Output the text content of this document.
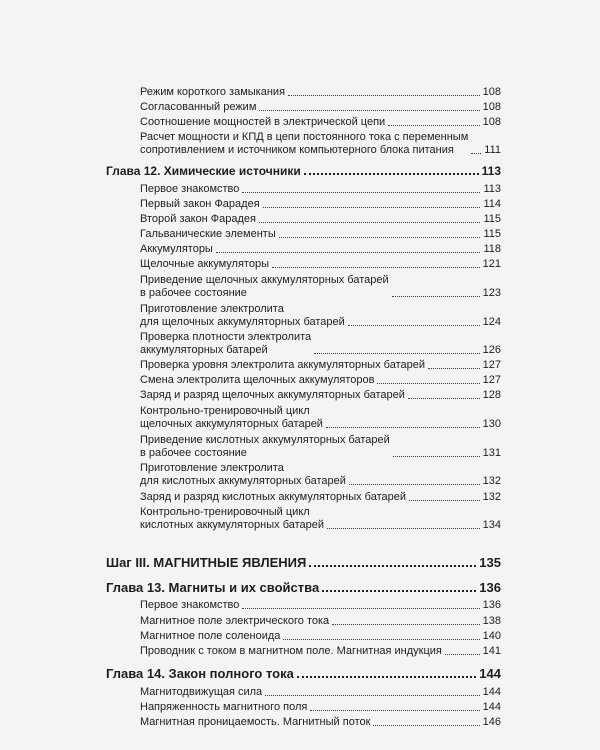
Режим короткого замыкания	108
Согласованный режим	108
Соотношение мощностей в электрической цепи	108
Расчет мощности и КПД в цепи постоянного тока с переменным
сопротивлением и источником компьютерного блока питания	111
Глава 12. Химические источники	113
Первое знакомство	113
Первый закон Фарадея	114
Второй закон Фарадея	115
Гальванические элементы	115
Аккумуляторы	118
Щелочные аккумуляторы	121
Приведение щелочных аккумуляторных батарей
в рабочее состояние	123
Приготовление электролита
для щелочных аккумуляторных батарей	124
Проверка плотности электролита
аккумуляторных батарей	126
Проверка уровня электролита аккумуляторных батарей	127
Смена электролита щелочных аккумуляторов	127
Заряд и разряд щелочных аккумуляторных батарей	128
Контрольно-тренировочный цикл
щелочных аккумуляторных батарей	130
Приведение кислотных аккумуляторных батарей
в рабочее состояние	131
Приготовление электролита
для кислотных аккумуляторных батарей	132
Заряд и разряд кислотных аккумуляторных батарей	132
Контрольно-тренировочный цикл
кислотных аккумуляторных батарей	134
Шаг III. МАГНИТНЫЕ ЯВЛЕНИЯ	135
Глава 13. Магниты и их свойства	136
Первое знакомство	136
Магнитное поле электрического тока	138
Магнитное поле соленоида	140
Проводник с током в магнитном поле. Магнитная индукция	141
Глава 14. Закон полного тока	144
Магнитодвижущая сила	144
Напряженность магнитного поля	144
Магнитная проницаемость. Магнитный поток	146
